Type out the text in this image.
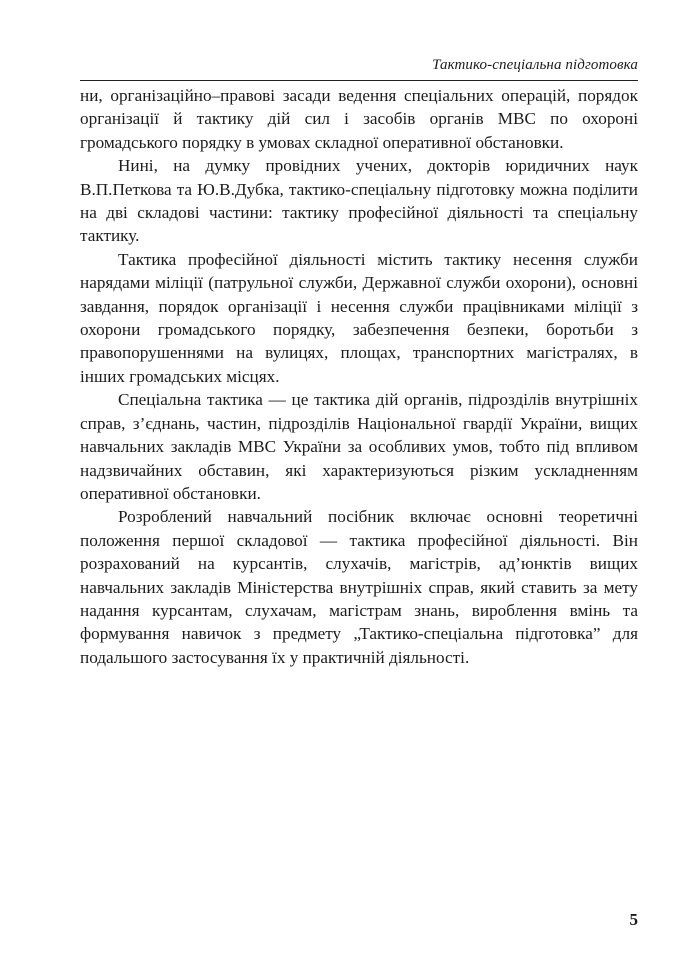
Тактико-спеціальна підготовка

ни, організаційно–правові засади ведення спеціальних операцій, порядок організації й тактику дій сил і засобів органів МВС по охороні громадського порядку в умовах складної оперативної обстановки.

Нині, на думку провідних учених, докторів юридичних наук В.П.Петкова та Ю.В.Дубка, тактико-спеціальну підготовку можна поділити на дві складові частини: тактику професійної діяльності та спеціальну тактику.

Тактика професійної діяльності містить тактику несення служби нарядами міліції (патрульної служби, Державної служби охорони), основні завдання, порядок організації і несення служби працівниками міліції з охорони громадського порядку, забезпечення безпеки, боротьби з правопорушеннями на вулицях, площах, транспортних магістралях, в інших громадських місцях.

Спеціальна тактика — це тактика дій органів, підрозділів внутрішніх справ, з’єднань, частин, підрозділів Національної гвардії України, вищих навчальних закладів МВС України за особливих умов, тобто під впливом надзвичайних обставин, які характеризуються різким ускладненням оперативної обстановки.

Розроблений навчальний посібник включає основні теоретичні положення першої складової — тактика професійної діяльності. Він розрахований на курсантів, слухачів, магістрів, ад’юнктів вищих навчальних закладів Міністерства внутрішніх справ, який ставить за мету надання курсантам, слухачам, магістрам знань, вироблення вмінь та формування навичок з предмету „Тактико-спеціальна підготовка” для подальшого застосування їх у практичній діяльності.

5
